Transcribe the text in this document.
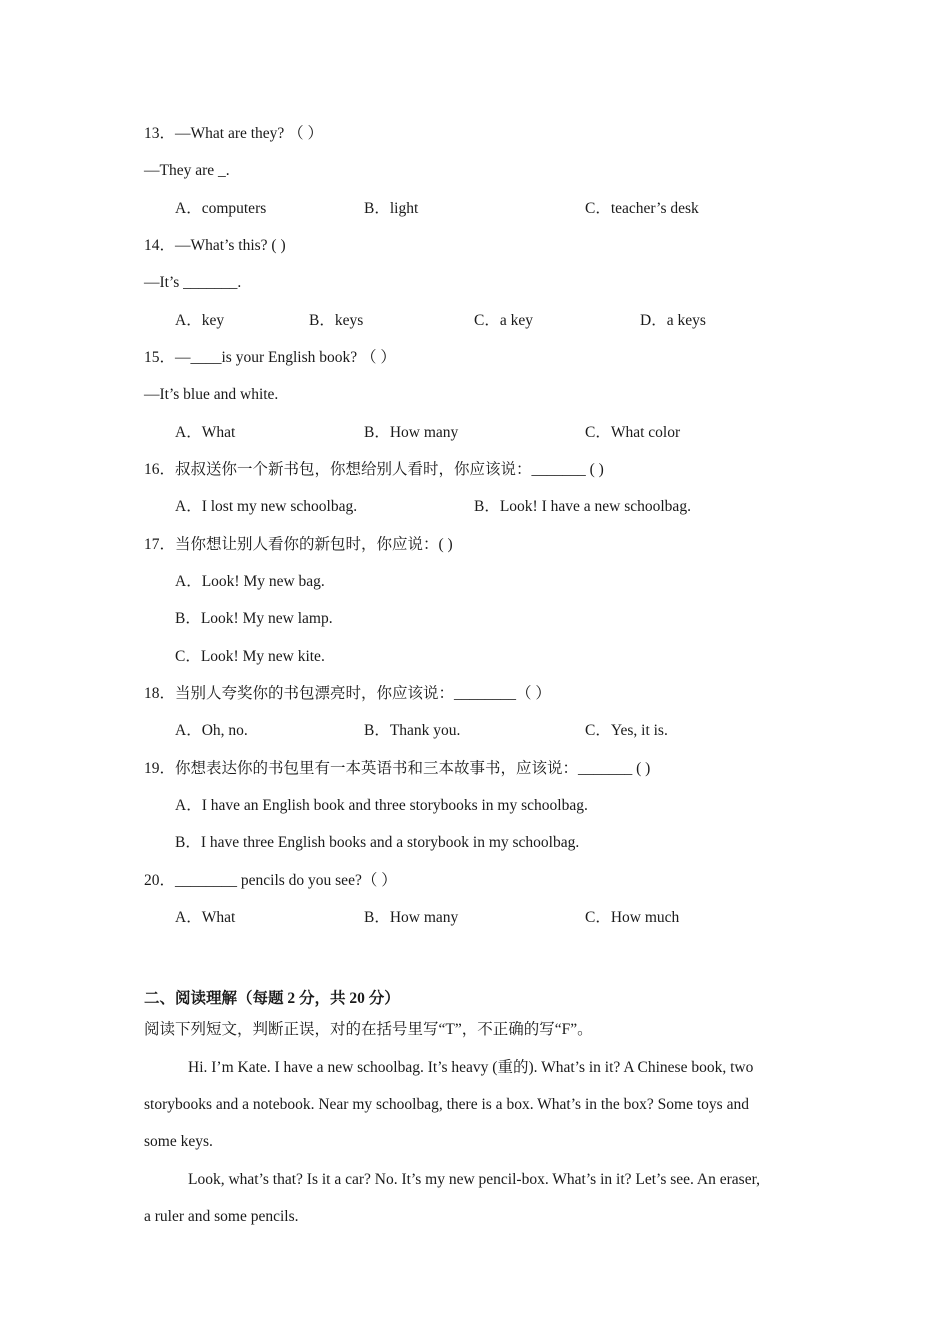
13．—What are they? （ ）
—They are _.
A．computers	B．light	C．teacher’s desk
14．—What’s this? ( )
—It’s _______.
A．key	B．keys	C．a key	D．a keys
15．—____is your English book? （ ）
—It’s blue and white.
A．What	B．How many	C．What color
16．叔叔送你一个新书包，你想给别人看时，你应该说：_______ ( )
A．I lost my new schoolbag.	B．Look! I have a new schoolbag.
17．当你想让别人看你的新包时，你应说：( )
A．Look! My new bag.
B．Look! My new lamp.
C．Look! My new kite.
18．当别人夸奖你的书包漂亮时，你应该说：________（ ）
A．Oh, no.	B．Thank you.	C．Yes, it is.
19．你想表达你的书包里有一本英语书和三本故事书，应该说：_______ ( )
A．I have an English book and three storybooks in my schoolbag.
B．I have three English books and a storybook in my schoolbag.
20．________ pencils do you see?（ ）
A．What	B．How many	C．How much
二、阅读理解（每题 2 分，共 20 分）
阅读下列短文，判断正误，对的在括号里写“T”，不正确的写“F”。
Hi. I’m Kate. I have a new schoolbag. It’s heavy (重的). What’s in it? A Chinese book, two
storybooks and a notebook. Near my schoolbag, there is a box. What’s in the box? Some toys and
some keys.
Look, what’s that? Is it a car? No. It’s my new pencil-box. What’s in it? Let’s see. An eraser,
a ruler and some pencils.
